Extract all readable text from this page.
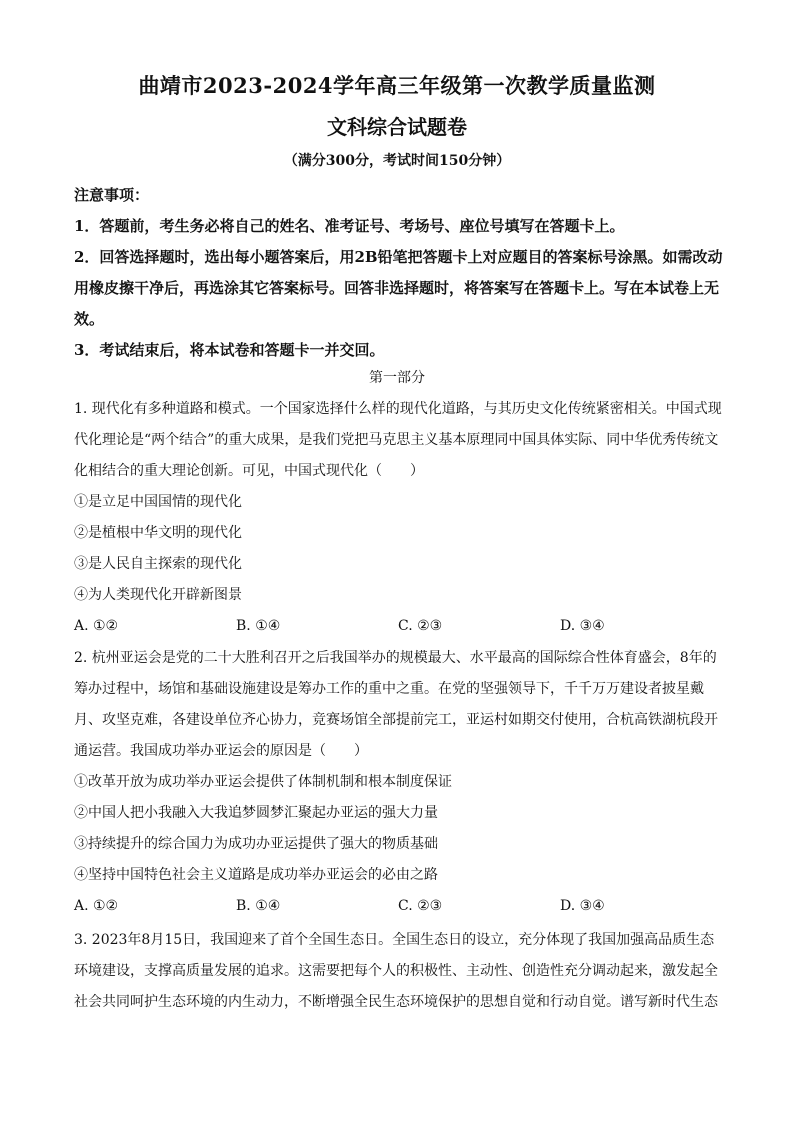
曲靖市2023-2024学年高三年级第一次教学质量监测
文科综合试题卷
（满分300分，考试时间150分钟）

注意事项：

1．答题前，考生务必将自己的姓名、准考证号、考场号、座位号填写在答题卡上。

2．回答选择题时，选出每小题答案后，用2B铅笔把答题卡上对应题目的答案标号涂黑。如需改动用橡皮擦干净后，再选涂其它答案标号。回答非选择题时，将答案写在答题卡上。写在本试卷上无效。

3．考试结束后，将本试卷和答题卡一并交回。

第一部分

1. 现代化有多种道路和模式。一个国家选择什么样的现代化道路，与其历史文化传统紧密相关。中国式现代化理论是“两个结合”的重大成果，是我们党把马克思主义基本原理同中国具体实际、同中华优秀传统文化相结合的重大理论创新。可见，中国式现代化（　　）

①是立足中国国情的现代化

②是植根中华文明的现代化

③是人民自主探索的现代化

④为人类现代化开辟新图景

A. ①②	B. ①④	C. ②③	D. ③④

2. 杭州亚运会是党的二十大胜利召开之后我国举办的规模最大、水平最高的国际综合性体育盛会，8年的筹办过程中，场馆和基础设施建设是筹办工作的重中之重。在党的坚强领导下，千千万万建设者披星戴月、攻坚克难，各建设单位齐心协力，竞赛场馆全部提前完工，亚运村如期交付使用，合杭高铁湖杭段开通运营。我国成功举办亚运会的原因是（　　）

①改革开放为成功举办亚运会提供了体制机制和根本制度保证

②中国人把小我融入大我追梦圆梦汇聚起办亚运的强大力量

③持续提升的综合国力为成功办亚运提供了强大的物质基础

④坚持中国特色社会主义道路是成功举办亚运会的必由之路

A. ①②	B. ①④	C. ②③	D. ③④

3. 2023年8月15日，我国迎来了首个全国生态日。全国生态日的设立，充分体现了我国加强高品质生态环境建设，支撑高质量发展的追求。这需要把每个人的积极性、主动性、创造性充分调动起来，激发起全社会共同呵护生态环境的内生动力，不断增强全民生态环境保护的思想自觉和行动自觉。谱写新时代生态
